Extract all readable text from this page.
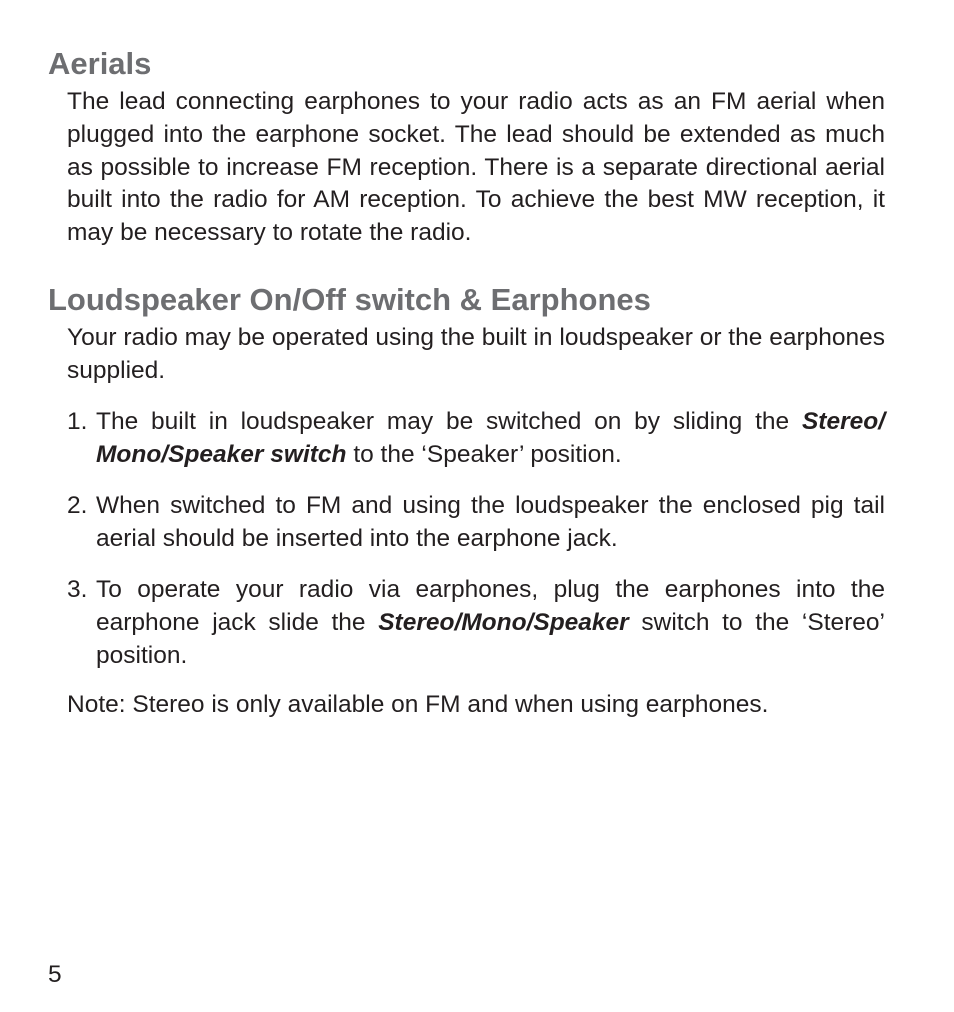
Aerials

The lead connecting earphones to your radio acts as an FM aerial when plugged into the earphone socket. The lead should be extended as much as possible to increase FM reception. There is a separate directional aerial built into the radio for AM reception. To achieve the best MW reception, it may be necessary to rotate the radio.

Loudspeaker On/Off switch & Earphones

Your radio may be operated using the built in loudspeaker or the earphones supplied.

1. The built in loudspeaker may be switched on by sliding the Stereo/ Mono/Speaker switch to the ‘Speaker’ position.
2. When switched to FM and using the loudspeaker the enclosed pig tail aerial should be inserted into the earphone jack.
3. To operate your radio via earphones, plug the earphones into the earphone jack slide the Stereo/Mono/Speaker switch to the ‘Stereo’ position.

Note: Stereo is only available on FM and when using earphones.

5
